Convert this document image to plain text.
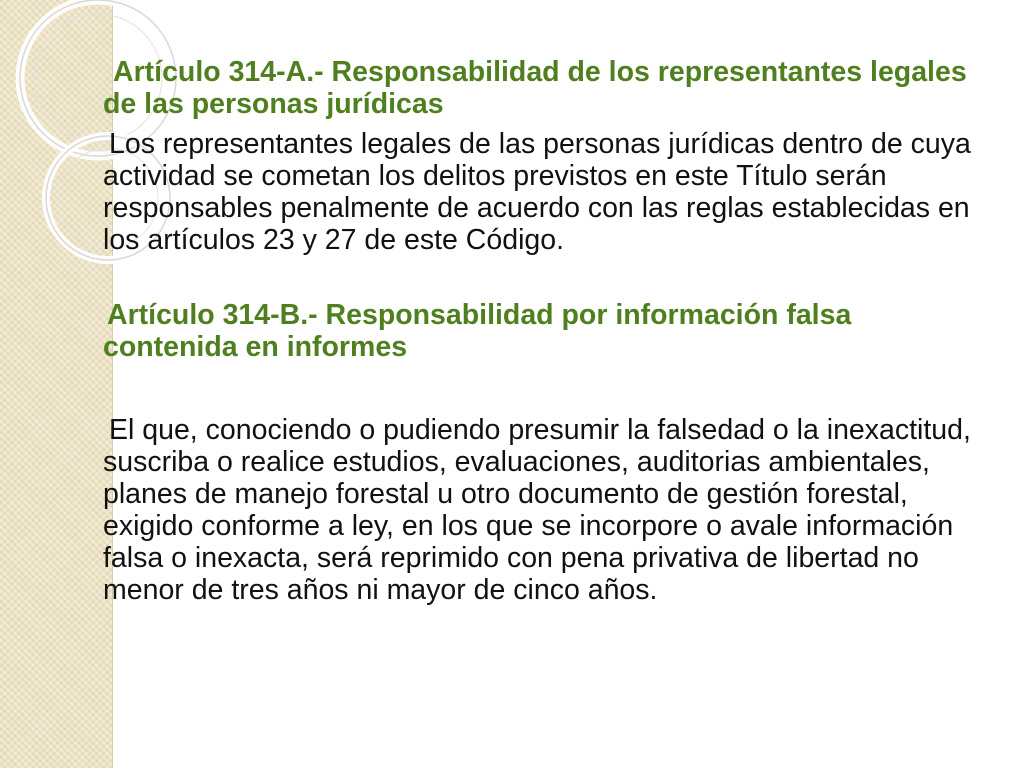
Artículo 314-A.- Responsabilidad de los representantes legales de las personas jurídicas

Los representantes legales de las personas jurídicas dentro de cuya actividad se cometan los delitos previstos en este Título serán responsables penalmente de acuerdo con las reglas establecidas en los artículos 23 y 27 de este Código.

Artículo 314-B.- Responsabilidad por información falsa contenida en informes

El que, conociendo o pudiendo presumir la falsedad o la inexactitud, suscriba o realice estudios, evaluaciones, auditorias ambientales, planes de manejo forestal u otro documento de gestión forestal, exigido conforme a ley, en los que se incorpore o avale información falsa o inexacta, será reprimido con pena privativa de libertad no menor de tres años ni mayor de cinco años.
